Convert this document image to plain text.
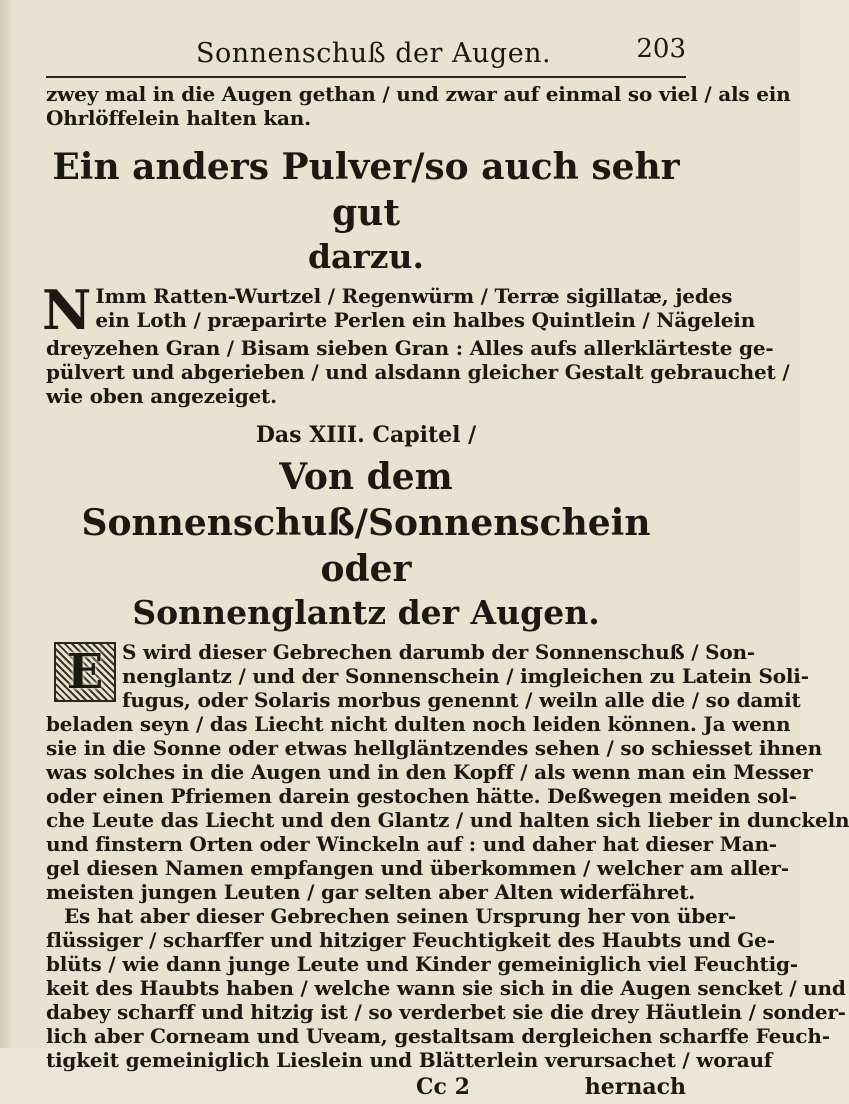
Sonnenschuß der Augen.	203
zwey mal in die Augen gethan / und zwar auf einmal so viel / als ein
Ohrlöffelein halten kan.
Ein anders Pulver/so auch sehr gut
darzu.
N Imm Ratten-Wurtzel / Regenwürm / Terræ sigillatæ, jedes
ein Loth / præparirte Perlen ein halbes Quintlein / Nägelein
dreyzehen Gran / Bisam sieben Gran : Alles aufs allerklärteste ge-
pülvert und abgerieben / und alsdann gleicher Gestalt gebrauchet /
wie oben angezeiget.
Das XIII. Capitel /
Von dem Sonnenschuß/Sonnenschein oder
Sonnenglantz der Augen.
E S wird dieser Gebrechen darumb der Sonnenschuß / Son-
nenglantz / und der Sonnenschein / imgleichen zu Latein Soli-
fugus, oder Solaris morbus genennt / weiln alle die / so damit
beladen seyn / das Liecht nicht dulten noch leiden können. Ja wenn
sie in die Sonne oder etwas hellgläntzendes sehen / so schiesset ihnen
was solches in die Augen und in den Kopff / als wenn man ein Messer
oder einen Pfriemen darein gestochen hätte. Deßwegen meiden sol-
che Leute das Liecht und den Glantz / und halten sich lieber in dunckeln
und finstern Orten oder Winckeln auf : und daher hat dieser Man-
gel diesen Namen empfangen und überkommen / welcher am aller-
meisten jungen Leuten / gar selten aber Alten widerfähret.
Es hat aber dieser Gebrechen seinen Ursprung her von über-
flüssiger / scharffer und hitziger Feuchtigkeit des Haubts und Ge-
blüts / wie dann junge Leute und Kinder gemeiniglich viel Feuchtig-
keit des Haubts haben / welche wann sie sich in die Augen sencket / und
dabey scharff und hitzig ist / so verderbet sie die drey Häutlein / sonder-
lich aber Corneam und Uveam, gestaltsam dergleichen scharffe Feuch-
tigkeit gemeiniglich Lieslein und Blätterlein verursachet / worauf
Cc 2	hernach
